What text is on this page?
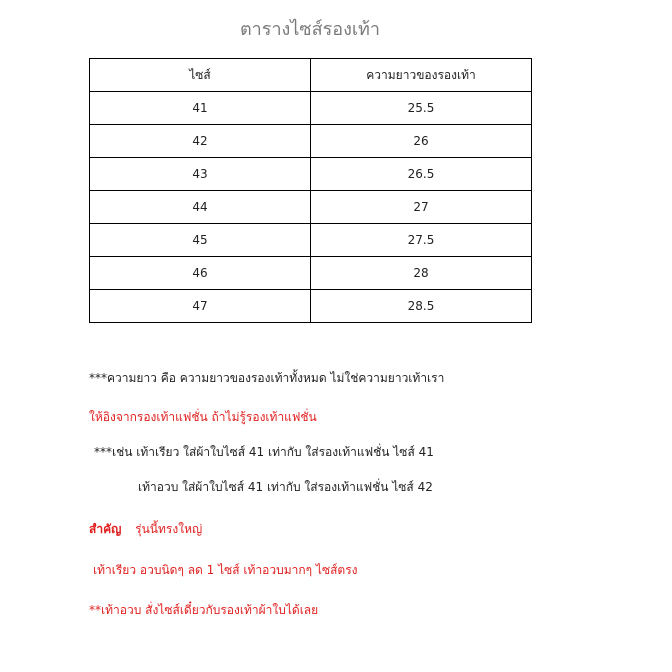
ตารางไซส์รองเท้า
ไซส์	ความยาวของรองเท้า
41	25.5
42	26
43	26.5
44	27
45	27.5
46	28
47	28.5
***ความยาว คือ ความยาวของรองเท้าทั้งหมด ไม่ใช่ความยาวเท้าเรา
ให้อิงจากรองเท้าแฟชั่น ถ้าไม่รู้รองเท้าแฟชั่น
***เช่น เท้าเรียว ใส่ผ้าใบไซส์ 41 เท่ากับ ใส่รองเท้าแฟชั่น ไซส์ 41
เท้าอวบ ใส่ผ้าใบไซส์ 41 เท่ากับ ใส่รองเท้าแฟชั่น ไซส์ 42
สำคัญ รุ่นนี้ทรงใหญ่
เท้าเรียว อวบนิดๆ ลด 1 ไซส์ เท้าอวบมากๆ ไซส์ตรง
**เท้าอวบ สั่งไซส์เดี๋ยวกับรองเท้าผ้าใบได้เลย
